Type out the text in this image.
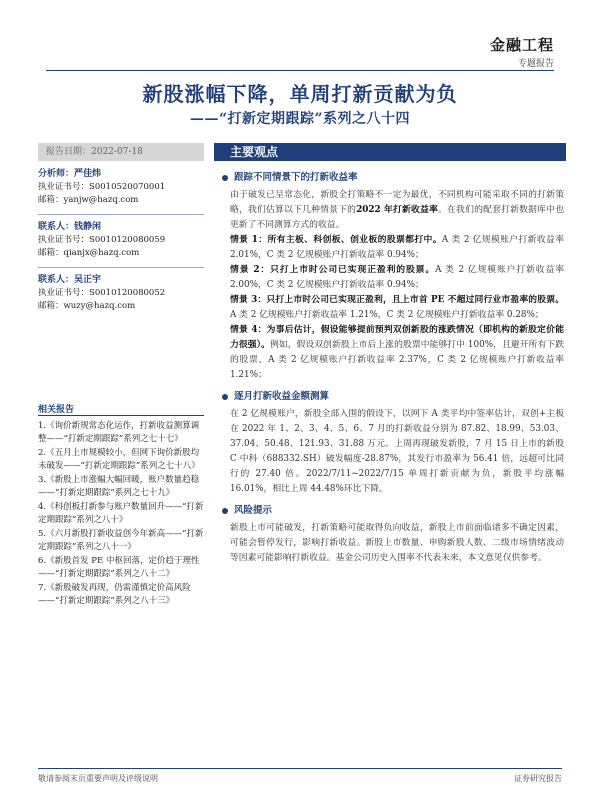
金融工程
专题报告
新股涨幅下降，单周打新贡献为负
——“打新定期跟踪”系列之八十四
报告日期：2022-07-18	主要观点
分析师：严佳炜
执业证书号：S0010520070001
邮箱：yanjw@hazq.com
联系人：钱静闲
执业证书号：S0010120080059
邮箱：qianjx@hazq.com
联系人：吴正宇
执业证书号：S0010120080052
邮箱：wuzy@hazq.com
相关报告
1.《询价新规常态化运作，打新收益测算调整——“打新定期跟踪”系列之七十七》
2.《五月上市规模较小，但网下询价新股均未破发——“打新定期跟踪”系列之七十八》
3.《新股上市涨幅大幅回暖，账户数量趋稳——“打新定期跟踪”系列之七十九》
4.《科创板打新参与账户数量回升——“打新定期跟踪”系列之八十》
5.《六月新股打新收益创今年新高——“打新定期跟踪”系列之八十一》
6.《新股首发 PE 中枢回落，定价趋于理性——“打新定期跟踪”系列之八十二》
7.《新股破发再现，仍需谨慎定价高风险——“打新定期跟踪”系列之八十三》
跟踪不同情景下的打新收益率
由于破发已呈常态化，新股全打策略不一定为最优，不同机构可能采取不同的打新策略，我们估算以下几种情景下的2022 年打新收益率。在我们的配套打新数据库中也更新了不同测算方式的收益。
情景 1：所有主板、科创板、创业板的股票都打中。A 类 2 亿规模账户打新收益率 2.01%，C 类 2 亿规模账户打新收益率 0.94%；
情景 2：只打上市时公司已实现正盈利的股票。A 类 2 亿规模账户打新收益率 2.00%，C 类 2 亿规模账户打新收益率 0.94%；
情景 3：只打上市时公司已实现正盈利，且上市首 PE 不超过同行业市盈率的股票。A 类 2 亿规模账户打新收益率 1.21%，C 类 2 亿规模账户打新收益率 0.28%；
情景 4：为事后估计，假设能够提前预判双创新股的涨跌情况（即机构的新股定价能力很强）。例如，假设双创新股上市后上涨的股票中能够打中 100%，且避开所有下跌的股票，A 类 2 亿规模账户打新收益率 2.37%，C 类 2 亿规模账户打新收益率 1.21%；
逐月打新收益金额测算
在 2 亿规模账户，新股全部入围的假设下，以网下 A 类平均中签率估计，双创+主板在 2022 年 1、2、3、4、5、6、7 月的打新收益分别为 87.82、18.99、53.03、37.04、50.48、121.93、31.88 万元。上周再现破发新股，7 月 15 日上市的新股 C 中科（688332.SH）破发幅度-28.87%，其发行市盈率为 56.41 倍，远超可比同行的 27.40 倍。2022/7/11~2022/7/15 单周打新贡献为负，新股平均涨幅 16.01%，相比上周 44.48%环比下降。
风险提示
新股上市可能破发，打新策略可能取得负向收益，新股上市前面临诸多不确定因素，可能会暂停发行，影响打新收益。新股上市数量、申购新股人数、二级市场情绪波动等因素可能影响打新收益。基金公司历史入围率不代表未来，本文意见仅供参考。
敬请参阅末页重要声明及评级说明	证券研究报告
